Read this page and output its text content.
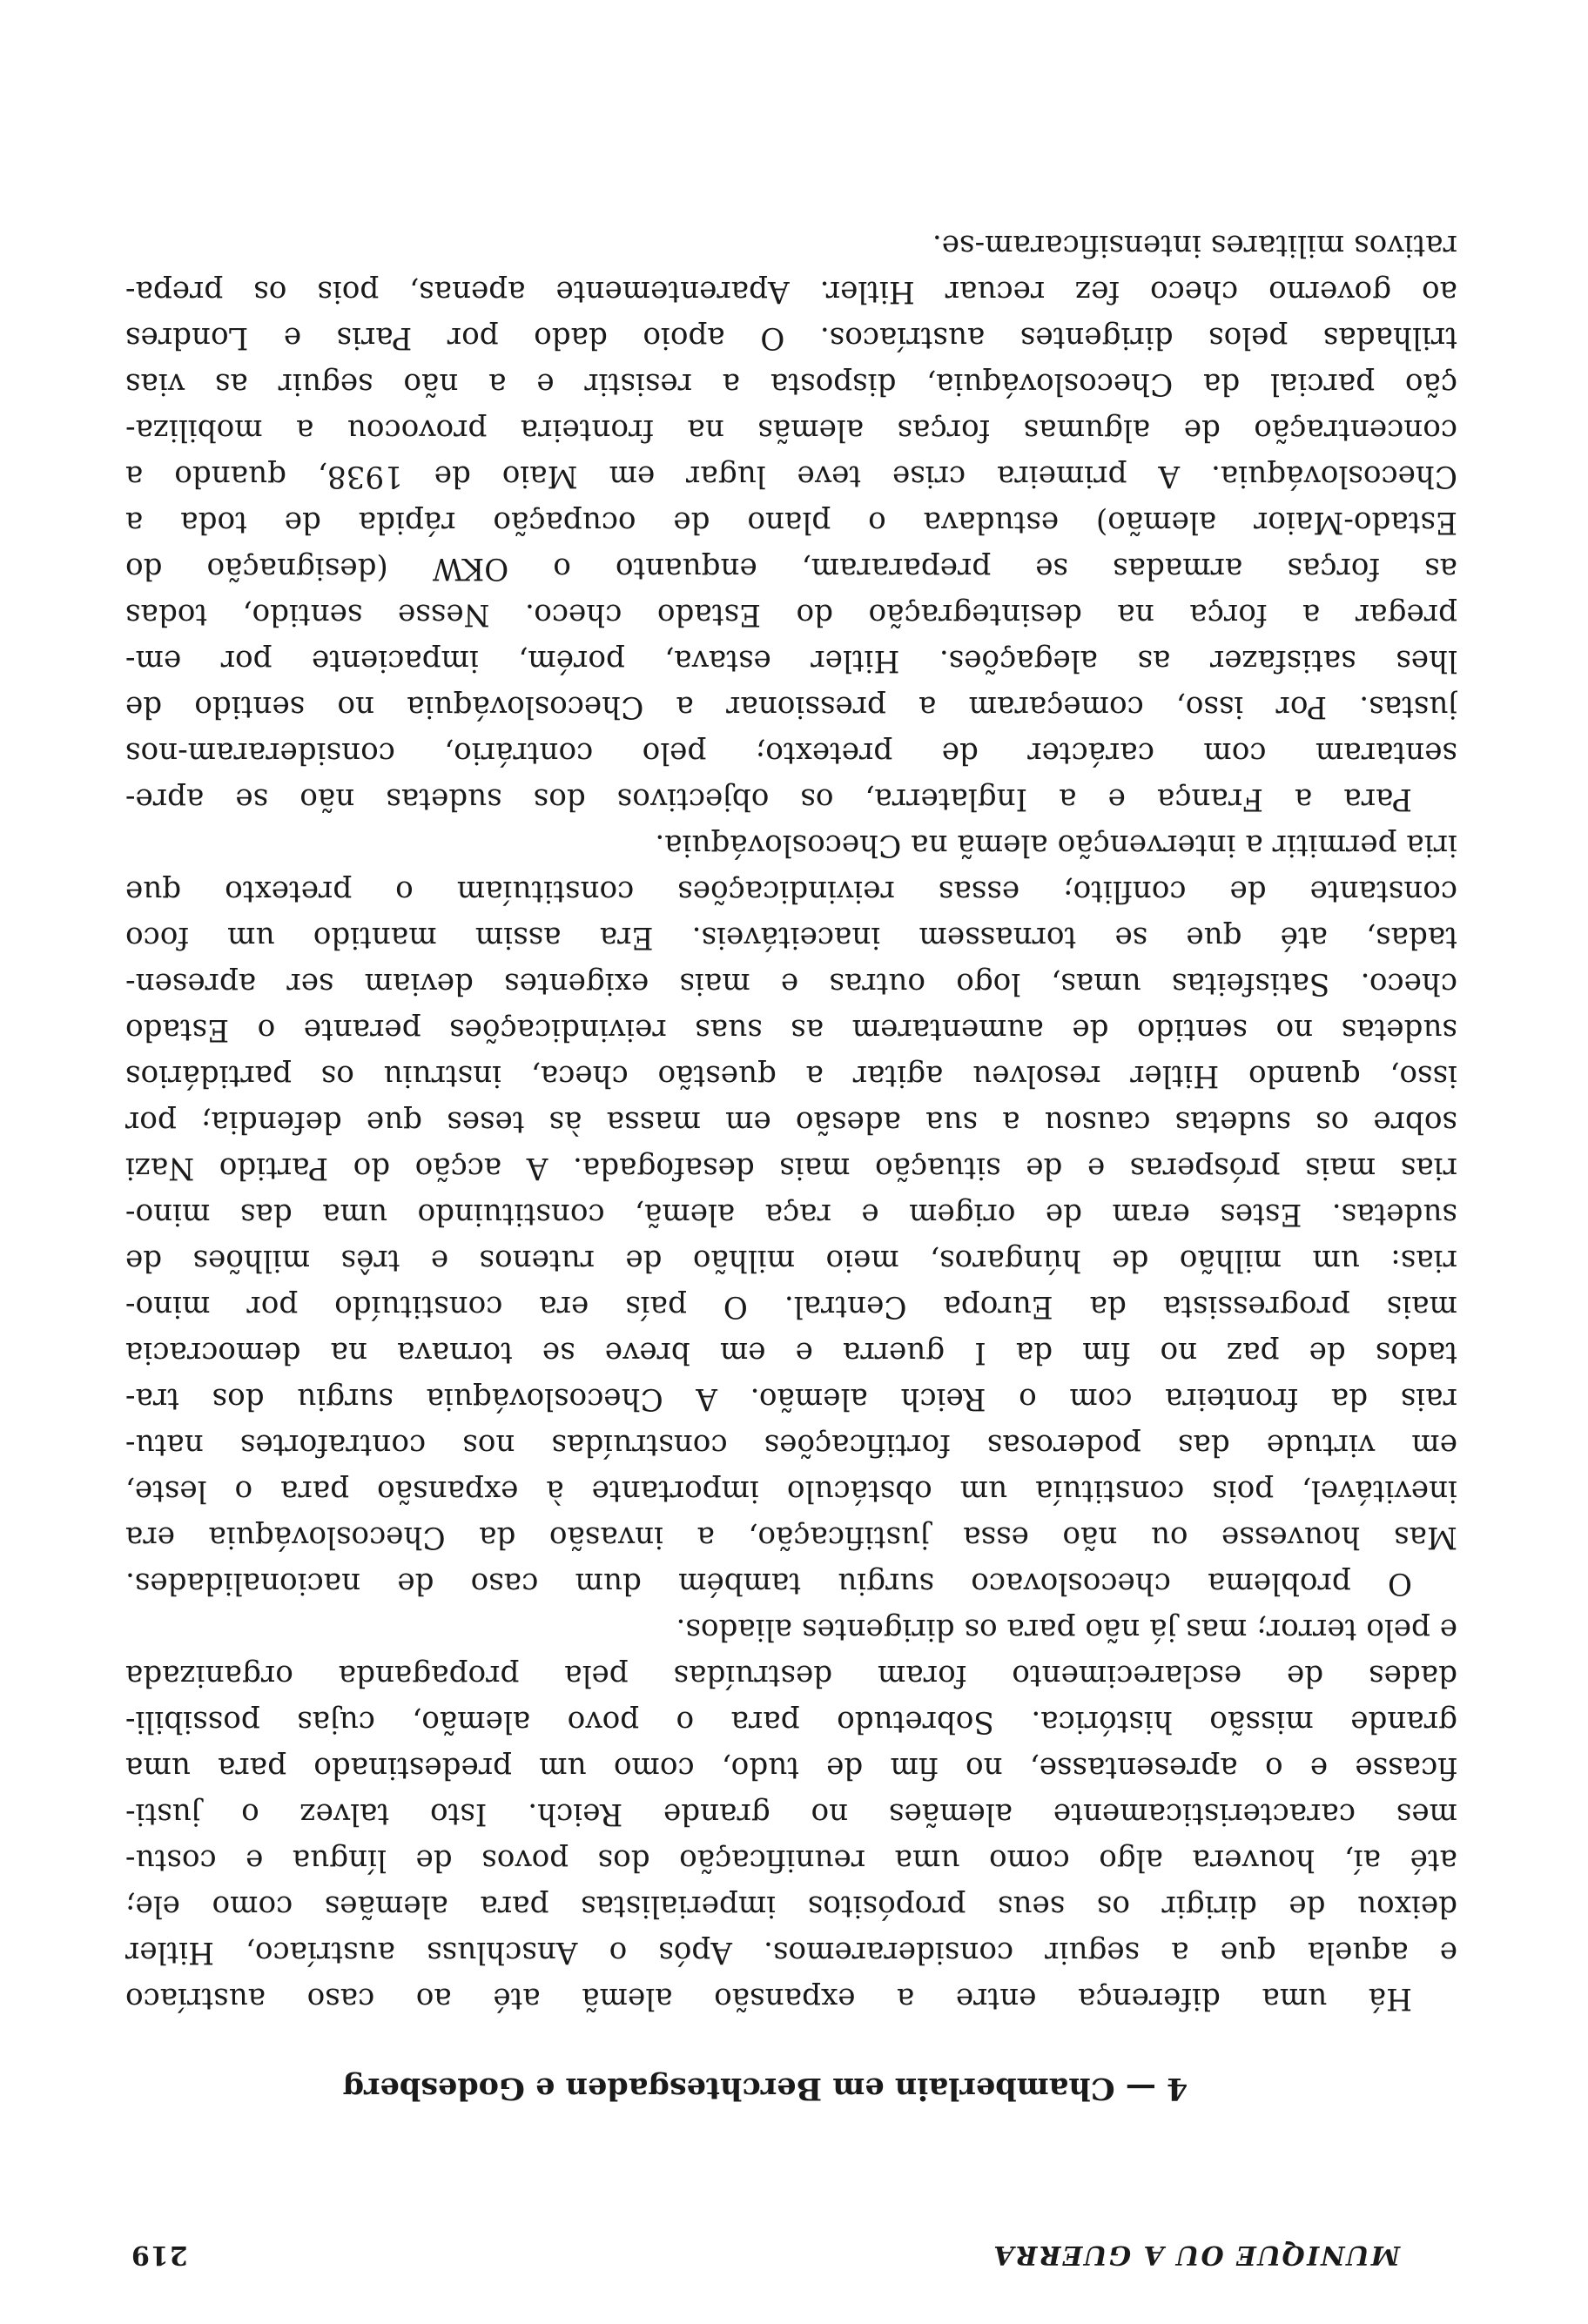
MUNIQUE OU A GUERRA
219
4 — Chamberlain em Berchtesgaden e Godesberg

Há uma diferença entre a expansão alemã até ao caso austríaco

e aquela que a seguir consideraremos. Após o Anschluss austríaco, Hitler

deixou de dirigir os seus propósitos imperialistas para alemães como ele;

até aí, houvera algo como uma reunificação dos povos de língua e costu-

mes caracteristicamente alemães no grande Reich. Isto talvez o justi-

ficasse e o apresentasse, no fim de tudo, como um predestinado para uma

grande missão histórica. Sobretudo para o povo alemão, cujas possibili-

dades de esclarecimento foram destruídas pela propaganda organizada

e pelo terror; mas já não para os dirigentes aliados.

O problema checoslovaco surgiu também dum caso de nacionalidades.

Mas houvesse ou não essa justificação, a invasão da Checoslováquia era

inevitável, pois constituía um obstáculo importante à expansão para o leste,

em virtude das poderosas fortificações construídas nos contrafortes natu-

rais da fronteira com o Reich alemão. A Checoslováquia surgiu dos tra-

tados de paz no fim da I guerra e em breve se tornava na democracia

mais progressista da Europa Central. O país era constituído por mino-

rias: um milhão de húngaros, meio milhão de rutenos e três milhões de

sudetas. Estes eram de origem e raça alemã, constituindo uma das mino-

rias mais prósperas e de situação mais desafogada. A acção do Partido Nazi

sobre os sudetas causou a sua adesão em massa às teses que defendia; por

isso, quando Hitler resolveu agitar a questão checa, instruiu os partidários

sudetas no sentido de aumentarem as suas reivindicações perante o Estado

checo. Satisfeitas umas, logo outras e mais exigentes deviam ser apresen-

tadas, até que se tornassem inaceitáveis. Era assim mantido um foco

constante de conflito; essas reivindicações constituíam o pretexto que

iria permitir a intervenção alemã na Checoslováquia.

Para a França e a Inglaterra, os objectivos dos sudetas não se apre-

sentaram com carácter de pretexto; pelo contrário, consideraram-nos

justas. Por isso, começaram a pressionar a Checoslováquia no sentido de

lhes satisfazer as alegações. Hitler estava, porém, impaciente por em-

pregar a força na desintegração do Estado checo. Nesse sentido, todas

as forças armadas se prepararam, enquanto o OKW (designação do

Estado-Maior alemão) estudava o plano de ocupação rápida de toda a

Checoslováquia. A primeira crise teve lugar em Maio de 1938, quando a

concentração de algumas forças alemãs na fronteira provocou a mobiliza-

ção parcial da Checoslováquia, disposta a resistir e a não seguir as vias

trilhadas pelos dirigentes austríacos. O apoio dado por Paris e Londres

ao governo checo fez recuar Hitler. Aparentemente apenas, pois os prepa-

rativos militares intensificaram-se.
